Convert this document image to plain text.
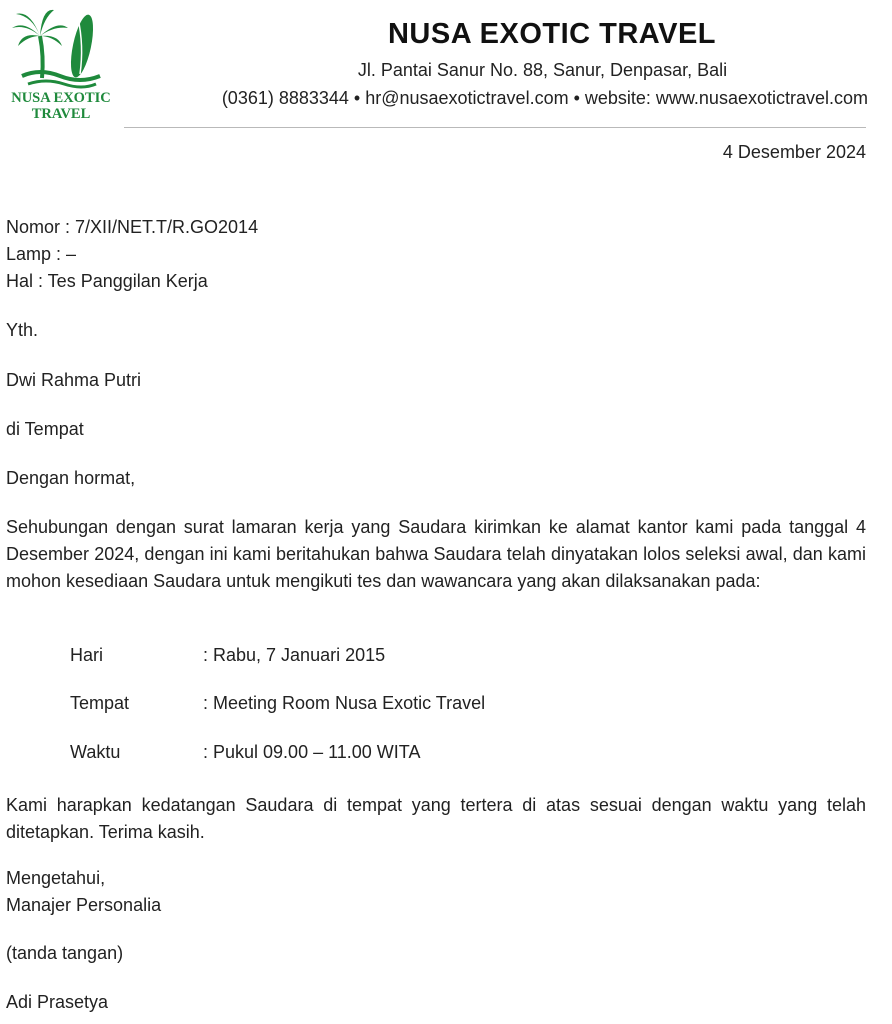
NUSA EXOTIC
TRAVEL
NUSA EXOTIC TRAVEL
Jl. Pantai Sanur No. 88, Sanur, Denpasar, Bali
(0361) 8883344 • hr@nusaexotictravel.com • website: www.nusaexotictravel.com
4 Desember 2024
Nomor : 7/XII/NET.T/R.GO2014
Lamp : –
Hal : Tes Panggilan Kerja
Yth.
Dwi Rahma Putri
di Tempat
Dengan hormat,
Sehubungan dengan surat lamaran kerja yang Saudara kirimkan ke alamat kantor kami pada tanggal 4 Desember 2024, dengan ini kami beritahukan bahwa Saudara telah dinyatakan lolos seleksi awal, dan kami mohon kesediaan Saudara untuk mengikuti tes dan wawancara yang akan dilaksanakan pada:
Hari	: Rabu, 7 Januari 2015
Tempat	: Meeting Room Nusa Exotic Travel
Waktu	: Pukul 09.00 – 11.00 WITA
Kami harapkan kedatangan Saudara di tempat yang tertera di atas sesuai dengan waktu yang telah ditetapkan. Terima kasih.
Mengetahui,
Manajer Personalia
(tanda tangan)
Adi Prasetya
